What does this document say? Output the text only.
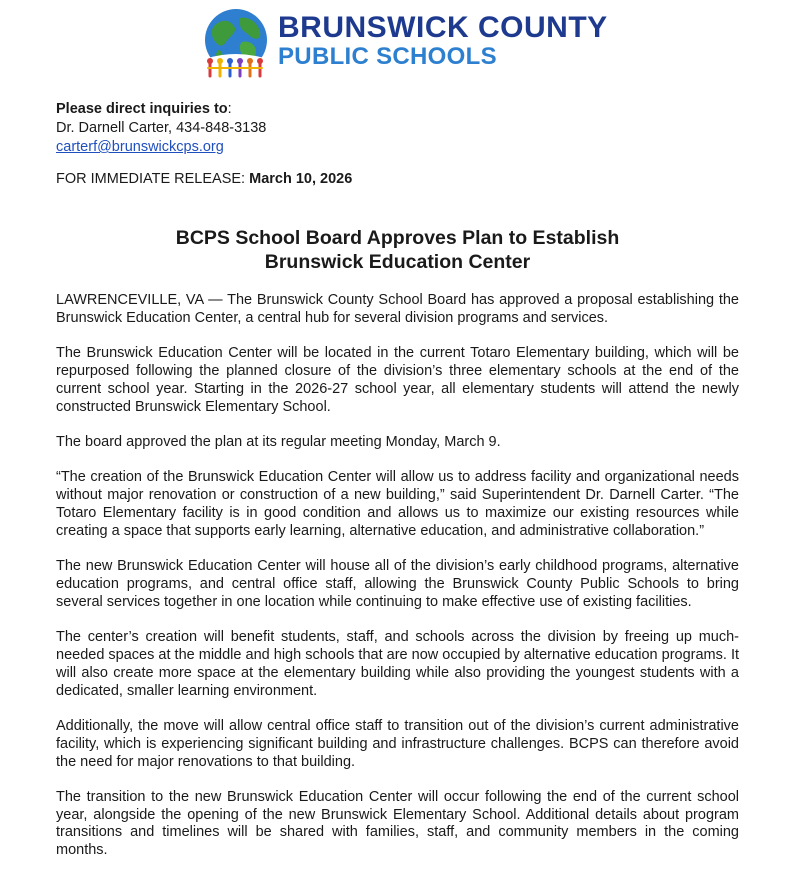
BRUNSWICK COUNTY
PUBLIC SCHOOLS
Please direct inquiries to:
Dr. Darnell Carter, 434-848-3138
carterf@brunswickcps.org
FOR IMMEDIATE RELEASE: March 10, 2026
BCPS School Board Approves Plan to Establish
Brunswick Education Center

LAWRENCEVILLE, VA — The Brunswick County School Board has approved a proposal establishing the Brunswick Education Center, a central hub for several division programs and services.

The Brunswick Education Center will be located in the current Totaro Elementary building, which will be repurposed following the planned closure of the division’s three elementary schools at the end of the current school year. Starting in the 2026-27 school year, all elementary students will attend the newly constructed Brunswick Elementary School.

The board approved the plan at its regular meeting Monday, March 9.

“The creation of the Brunswick Education Center will allow us to address facility and organizational needs without major renovation or construction of a new building,” said Superintendent Dr. Darnell Carter. “The Totaro Elementary facility is in good condition and allows us to maximize our existing resources while creating a space that supports early learning, alternative education, and administrative collaboration.”

The new Brunswick Education Center will house all of the division’s early childhood programs, alternative education programs, and central office staff, allowing the Brunswick County Public Schools to bring several services together in one location while continuing to make effective use of existing facilities.

The center’s creation will benefit students, staff, and schools across the division by freeing up much-needed spaces at the middle and high schools that are now occupied by alternative education programs. It will also create more space at the elementary building while also providing the youngest students with a dedicated, smaller learning environment.

Additionally, the move will allow central office staff to transition out of the division’s current administrative facility, which is experiencing significant building and infrastructure challenges. BCPS can therefore avoid the need for major renovations to that building.

The transition to the new Brunswick Education Center will occur following the end of the current school year, alongside the opening of the new Brunswick Elementary School. Additional details about program transitions and timelines will be shared with families, staff, and community members in the coming months.
